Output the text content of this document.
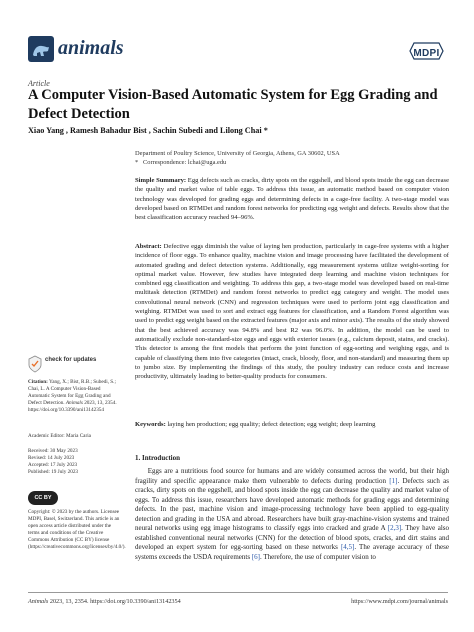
animals	MDPI
Article
A Computer Vision-Based Automatic System for Egg Grading and Defect Detection
Xiao Yang , Ramesh Bahadur Bist , Sachin Subedi and Lilong Chai *
Department of Poultry Science, University of Georgia, Athens, GA 30602, USA
* Correspondence: lchai@uga.edu
Simple Summary: Egg defects such as cracks, dirty spots on the eggshell, and blood spots inside the egg can decrease the quality and market value of table eggs. To address this issue, an automatic method based on computer vision technology was developed for grading eggs and determining defects in a cage-free facility. A two-stage model was developed based on RTMDet and random forest networks for predicting egg weight and defects. Results show that the best classification accuracy reached 94–96%.
Abstract: Defective eggs diminish the value of laying hen production, particularly in cage-free systems with a higher incidence of floor eggs. To enhance quality, machine vision and image processing have facilitated the development of automated grading and defect detection systems. Additionally, egg measurement systems utilize weight-sorting for optimal market value. However, few studies have integrated deep learning and machine vision techniques for combined egg classification and weighting. To address this gap, a two-stage model was developed based on real-time multitask detection (RTMDet) and random forest networks to predict egg category and weight. The model uses convolutional neural network (CNN) and regression techniques were used to perform joint egg classification and weighing. RTMDet was used to sort and extract egg features for classification, and a Random Forest algorithm was used to predict egg weight based on the extracted features (major axis and minor axis). The results of the study showed that the best achieved accuracy was 94.8% and best R2 was 96.0%. In addition, the model can be used to automatically exclude non-standard-size eggs and eggs with exterior issues (e.g., calcium deposit, stains, and cracks). This detector is among the first models that perform the joint function of egg-sorting and weighing eggs, and is capable of classifying them into five categories (intact, crack, bloody, floor, and non-standard) and measuring them up to jumbo size. By implementing the findings of this study, the poultry industry can reduce costs and increase productivity, ultimately leading to better-quality products for consumers.
Keywords: laying hen production; egg quality; defect detection; egg weight; deep learning
1. Introduction
Eggs are a nutritious food source for humans and are widely consumed across the world, but their high fragility and specific appearance make them vulnerable to defects during production [1]. Defects such as cracks, dirty spots on the eggshell, and blood spots inside the egg can decrease the quality and market value of eggs. To address this issue, researchers have developed automatic methods for grading eggs and determining defects. In the past, machine vision and image-processing technology have been applied to egg-quality detection and grading in the USA and abroad. Researchers have built gray-machine-vision systems and trained neural networks using egg image histograms to classify eggs into cracked and grade A [2,3]. They have also established conventional neural networks (CNN) for the detection of blood spots, cracks, and dirt stains and developed an expert system for egg-sorting based on these networks [4,5]. The average accuracy of these systems exceeds the USDA requirements [6]. Therefore, the use of computer vision to
check for updates
Citation: Yang, X.; Bist, R.B.; Subedi, S.; Chai, L. A Computer Vision-Based Automatic System for Egg Grading and Defect Detection. Animals 2023, 13, 2354. https://doi.org/10.3390/ani13142354
Academic Editor: Maria Caria
Received: 30 May 2023
Revised: 14 July 2023
Accepted: 17 July 2023
Published: 19 July 2023
CC BY
Copyright: © 2023 by the authors. Licensee MDPI, Basel, Switzerland. This article is an open access article distributed under the terms and conditions of the Creative Commons Attribution (CC BY) license (https://creativecommons.org/licenses/by/4.0/).
Animals 2023, 13, 2354. https://doi.org/10.3390/ani13142354	https://www.mdpi.com/journal/animals
